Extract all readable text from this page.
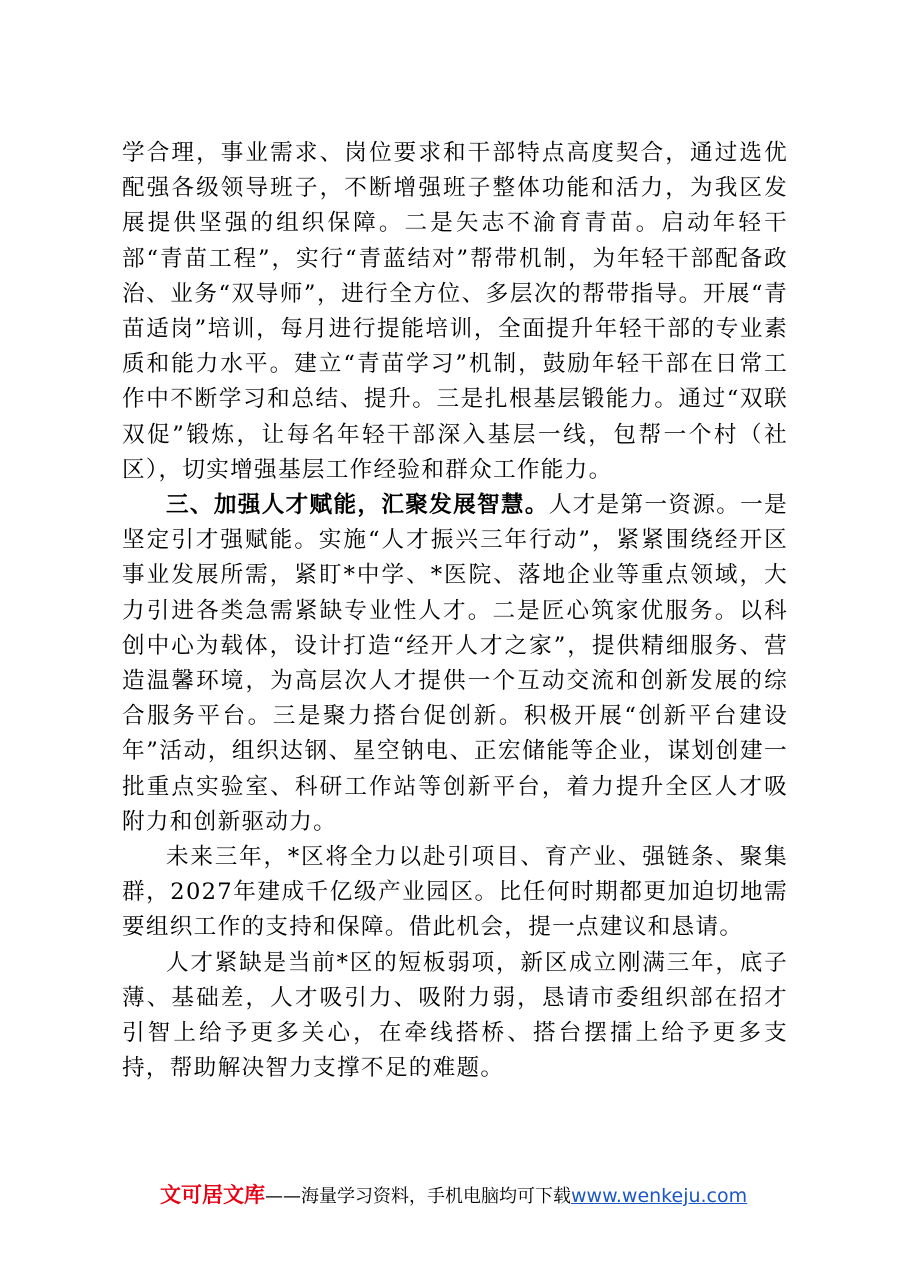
学合理，事业需求、岗位要求和干部特点高度契合，通过选优配强各级领导班子，不断增强班子整体功能和活力，为我区发展提供坚强的组织保障。二是矢志不渝育青苗。启动年轻干部“青苗工程”，实行“青蓝结对”帮带机制，为年轻干部配备政治、业务“双导师”，进行全方位、多层次的帮带指导。开展“青苗适岗”培训，每月进行提能培训，全面提升年轻干部的专业素质和能力水平。建立“青苗学习”机制，鼓励年轻干部在日常工作中不断学习和总结、提升。三是扎根基层锻能力。通过“双联双促”锻炼，让每名年轻干部深入基层一线，包帮一个村（社区），切实增强基层工作经验和群众工作能力。

三、加强人才赋能，汇聚发展智慧。人才是第一资源。一是坚定引才强赋能。实施“人才振兴三年行动”，紧紧围绕经开区事业发展所需，紧盯*中学、*医院、落地企业等重点领域，大力引进各类急需紧缺专业性人才。二是匠心筑家优服务。以科创中心为载体，设计打造“经开人才之家”，提供精细服务、营造温馨环境，为高层次人才提供一个互动交流和创新发展的综合服务平台。三是聚力搭台促创新。积极开展“创新平台建设年”活动，组织达钢、星空钠电、正宏储能等企业，谋划创建一批重点实验室、科研工作站等创新平台，着力提升全区人才吸附力和创新驱动力。

未来三年，*区将全力以赴引项目、育产业、强链条、聚集群，2027年建成千亿级产业园区。比任何时期都更加迫切地需要组织工作的支持和保障。借此机会，提一点建议和恳请。

人才紧缺是当前*区的短板弱项，新区成立刚满三年，底子薄、基础差，人才吸引力、吸附力弱，恳请市委组织部在招才引智上给予更多关心，在牵线搭桥、搭台摆擂上给予更多支持，帮助解决智力支撑不足的难题。

文可居文库——海量学习资料，手机电脑均可下载www.wenkeju.com
